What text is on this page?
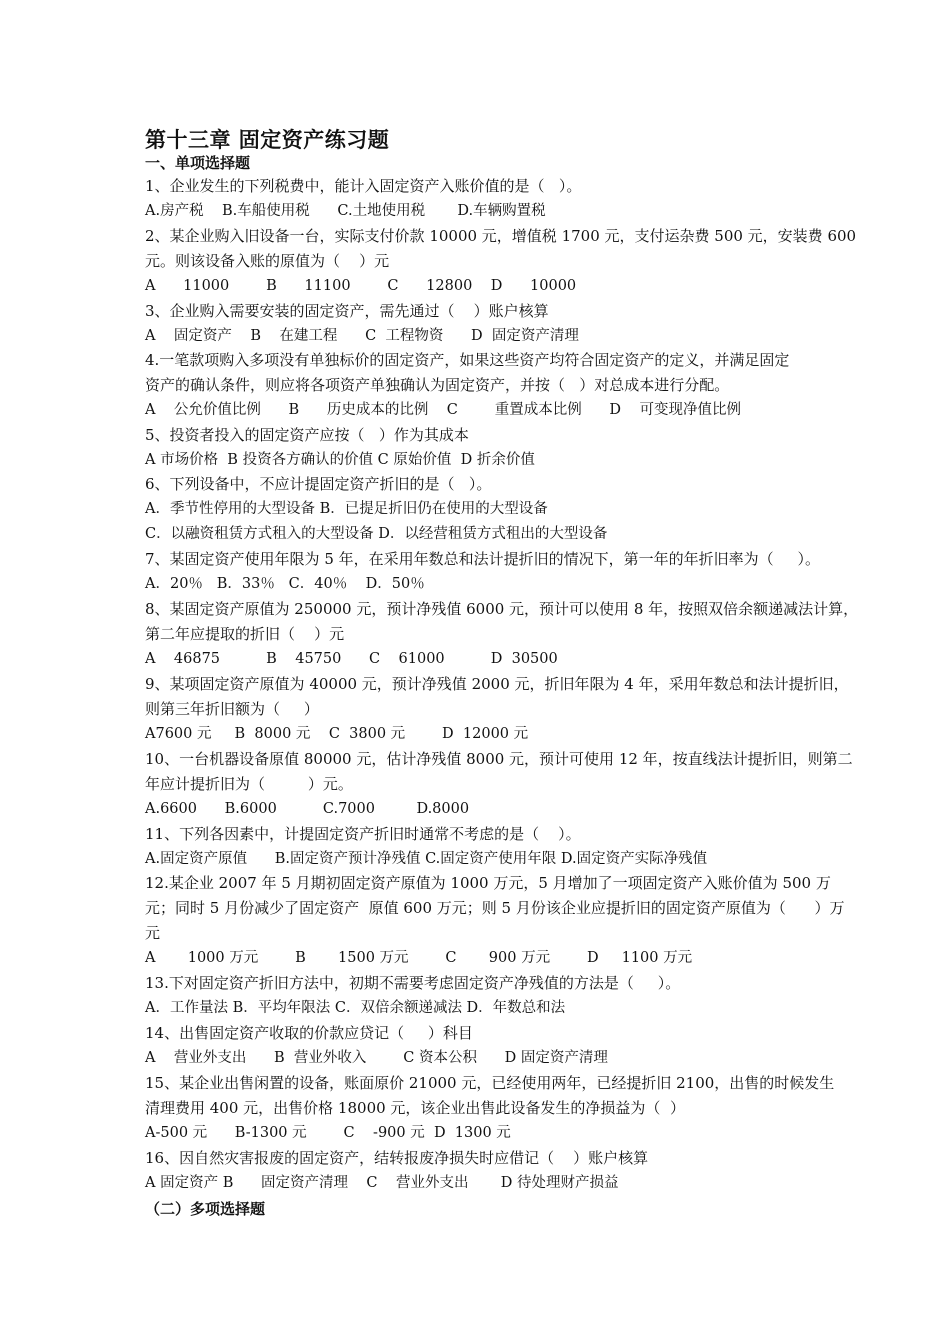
第十三章 固定资产练习题
一、单项选择题
1、企业发生的下列税费中，能计入固定资产入账价值的是（   ）。
A.房产税    B.车船使用税      C.土地使用税       D.车辆购置税
2、某企业购入旧设备一台，实际支付价款 10000 元，增值税 1700 元，支付运杂费 500 元，安装费 600
元。则该设备入账的原值为（    ）元
A      11000        B      11100        C      12800    D      10000
3、企业购入需要安装的固定资产，需先通过（    ）账户核算
A    固定资产    B    在建工程      C  工程物资      D  固定资产清理
4.一笔款项购入多项没有单独标价的固定资产，如果这些资产均符合固定资产的定义，并满足固定
资产的确认条件，则应将各项资产单独确认为固定资产，并按（   ）对总成本进行分配。
A    公允价值比例      B      历史成本的比例    C        重置成本比例      D    可变现净值比例
5、投资者投入的固定资产应按（   ）作为其成本
A 市场价格  B 投资各方确认的价值 C 原始价值  D 折余价值
6、下列设备中，不应计提固定资产折旧的是（   ）。
A．季节性停用的大型设备 B．已提足折旧仍在使用的大型设备
C．以融资租赁方式租入的大型设备 D．以经营租赁方式租出的大型设备
7、某固定资产使用年限为 5 年，在采用年数总和法计提折旧的情况下，第一年的年折旧率为（     ）。
A．20％   B．33％   C．40％    D．50％
8、某固定资产原值为 250000 元，预计净残值 6000 元，预计可以使用 8 年，按照双倍余额递减法计算，
第二年应提取的折旧（    ）元
A    46875          B    45750      C    61000          D  30500
9、某项固定资产原值为 40000 元，预计净残值 2000 元，折旧年限为 4 年，采用年数总和法计提折旧，
则第三年折旧额为（     ）
A7600 元     B  8000 元    C  3800 元        D  12000 元
10、一台机器设备原值 80000 元，估计净残值 8000 元，预计可使用 12 年，按直线法计提折旧，则第二
年应计提折旧为（         ）元。
A.6600      B.6000          C.7000         D.8000
11、下列各因素中，计提固定资产折旧时通常不考虑的是（    ）。
A.固定资产原值      B.固定资产预计净残值 C.固定资产使用年限 D.固定资产实际净残值
12.某企业 2007 年 5 月期初固定资产原值为 1000 万元，5 月增加了一项固定资产入账价值为 500 万
元；同时 5 月份减少了固定资产  原值 600 万元；则 5 月份该企业应提折旧的固定资产原值为（      ）万
元
A       1000 万元        B       1500 万元        C       900 万元        D     1100 万元
13.下对固定资产折旧方法中，初期不需要考虑固定资产净残值的方法是（     ）。
A．工作量法 B．平均年限法 C．双倍余额递减法 D．年数总和法
14、出售固定资产收取的价款应贷记（     ）科目
A    营业外支出      B  营业外收入        C 资本公积      D 固定资产清理
15、某企业出售闲置的设备，账面原价 21000 元，已经使用两年，已经提折旧 2100，出售的时候发生
清理费用 400 元，出售价格 18000 元，该企业出售此设备发生的净损益为（  ）
A-500 元      B-1300 元        C    -900 元  D  1300 元
16、因自然灾害报废的固定资产，结转报废净损失时应借记（    ）账户核算
A 固定资产 B      固定资产清理    C    营业外支出       D 待处理财产损益
（二）多项选择题
